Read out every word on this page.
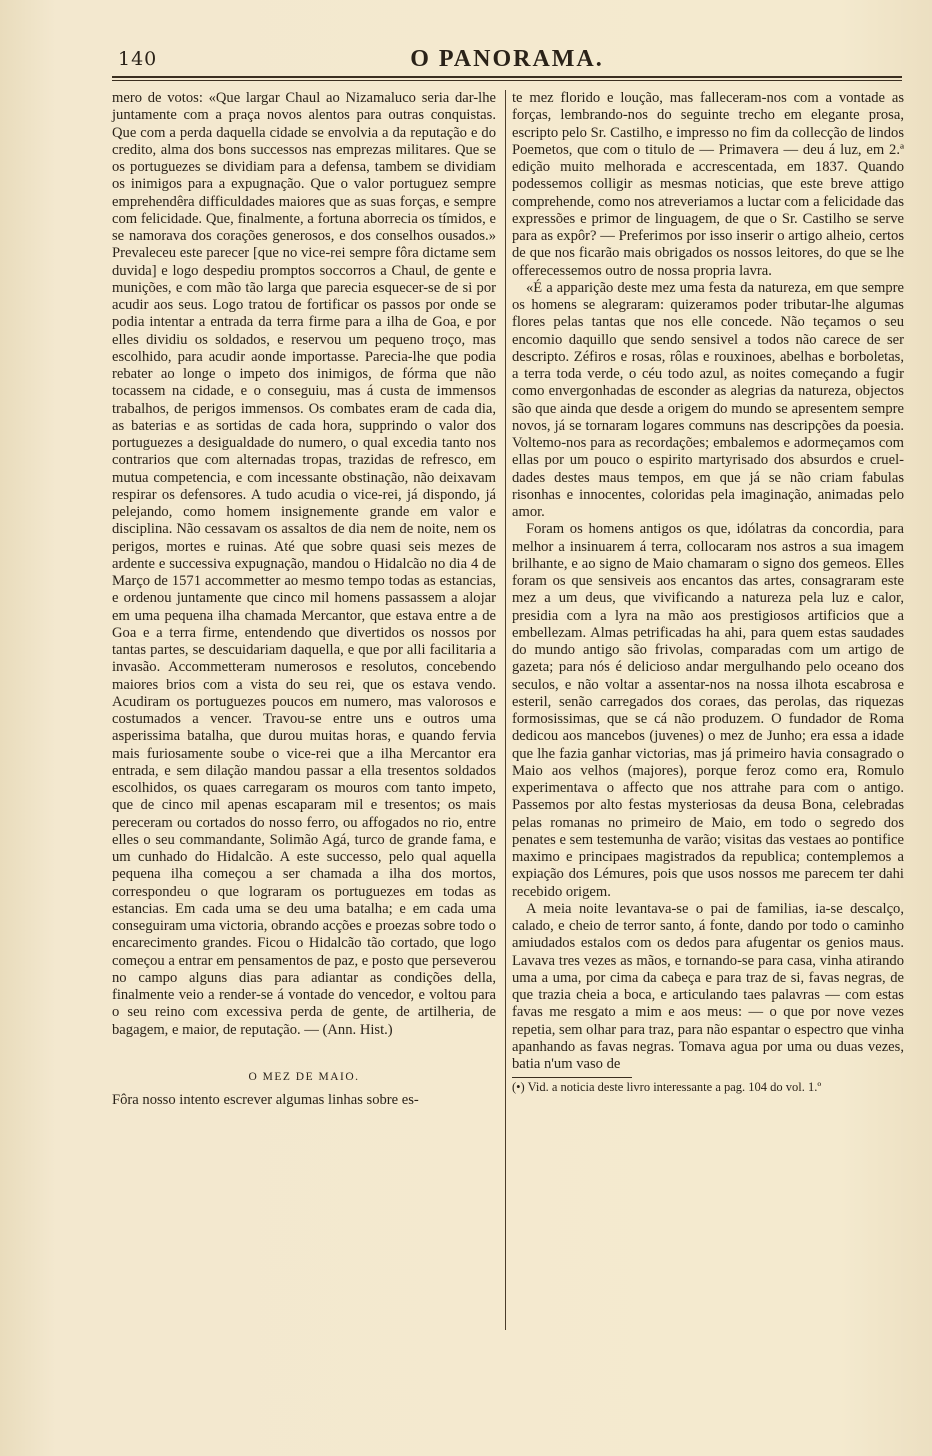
140	O PANORAMA.

mero de votos: «Que largar Chaul ao Nizamaluco seria dar-lhe juntamente com a praça novos alentos para outras conquistas. Que com a perda daquella cidade se envolvia a da reputação e do credito, alma dos bons successos nas emprezas militares. Que se os portuguezes se dividiam para a defensa, tambem se dividiam os inimigos para a expugnação. Que o valor portuguez sempre emprehendêra difficuldades maiores que as suas forças, e sempre com felicidade. Que, finalmente, a fortuna aborrecia os tímidos, e se namorava dos corações generosos, e dos conselhos ousados.» Prevaleceu este parecer [que no vice-rei sempre fôra dictame sem duvida] e logo despediu promptos soccorros a Chaul, de gente e munições, e com mão tão larga que parecia esquecer-se de si por acudir aos seus. Logo tratou de fortificar os passos por onde se podia intentar a entrada da terra firme para a ilha de Goa, e por elles dividiu os soldados, e reservou um pequeno troço, mas escolhido, para acudir aonde importasse. Parecia-lhe que podia rebater ao longe o impeto dos inimigos, de fórma que não tocassem na cidade, e o conseguiu, mas á custa de immensos trabalhos, de perigos immensos. Os combates eram de cada dia, as baterias e as sortidas de cada hora, supprindo o valor dos portuguezes a desigualdade do numero, o qual excedia tanto nos contrarios que com alternadas tropas, trazidas de refresco, em mutua competencia, e com incessante obstinação, não deixavam respirar os defensores. A tudo acudia o vice-rei, já dispondo, já pelejando, como homem insignemente grande em valor e disciplina. Não cessavam os assaltos de dia nem de noite, nem os perigos, mortes e ruinas. Até que sobre quasi seis mezes de ardente e successiva expugnação, mandou o Hidalcão no dia 4 de Março de 1571 accommetter ao mesmo tempo todas as estancias, e ordenou juntamente que cinco mil homens passassem a alojar em uma pequena ilha chamada Mercantor, que estava entre a de Goa e a terra firme, entendendo que divertidos os nossos por tantas partes, se descuidariam daquella, e que por alli facilitaria a invasão. Accommetteram numerosos e resolutos, concebendo maiores brios com a vista do seu rei, que os estava vendo. Acudiram os portuguezes poucos em numero, mas valorosos e costumados a vencer. Travou-se entre uns e outros uma asperissima batalha, que durou muitas horas, e quando fervia mais furiosamente soube o vice-rei que a ilha Mercantor era entrada, e sem dilação mandou passar a ella tresentos soldados escolhidos, os quaes carregaram os mouros com tanto impeto, que de cinco mil apenas escaparam mil e tresentos; os mais pereceram ou cortados do nosso ferro, ou affogados no rio, entre elles o seu commandante, Solimão Agá, turco de grande fama, e um cunhado do Hidalcão. A este successo, pelo qual aquella pequena ilha começou a ser chamada a ilha dos mortos, correspondeu o que lograram os portuguezes em todas as estancias. Em cada uma se deu uma batalha; e em cada uma conseguiram uma victoria, obrando acções e proezas sobre todo o encarecimento grandes. Ficou o Hidalcão tão cortado, que logo começou a entrar em pensamentos de paz, e posto que perseverou no campo alguns dias para adiantar as condições della, finalmente veio a render-se á vontade do vencedor, e voltou para o seu reino com excessiva perda de gente, de artilheria, de bagagem, e maior, de reputação. — (Ann. Hist.)

O MEZ DE MAIO.

Fôra nosso intento escrever algumas linhas sobre es-

te mez florido e loução, mas falleceram-nos com a vontade as forças, lembrando-nos do seguinte trecho em elegante prosa, escripto pelo Sr. Castilho, e impresso no fim da collecção de lindos Poemetos, que com o titulo de — Primavera — deu á luz, em 2.ª edição muito melhorada e accrescentada, em 1837. Quando podessemos colligir as mesmas noticias, que este breve attigo comprehende, como nos atreveriamos a luctar com a felicidade das expressões e primor de linguagem, de que o Sr. Castilho se serve para as expôr? — Preferimos por isso inserir o artigo alheio, certos de que nos ficarão mais obrigados os nossos leitores, do que se lhe offerecessemos outro de nossa propria lavra.

«É a apparição deste mez uma festa da natureza, em que sempre os homens se alegraram: quizeramos poder tributar-lhe algumas flores pelas tantas que nos elle concede. Não teçamos o seu encomio daquillo que sendo sensivel a todos não carece de ser descripto. Zéfiros e rosas, rôlas e rouxinoes, abelhas e borboletas, a terra toda verde, o céu todo azul, as noites começando a fugir como envergonhadas de esconder as alegrias da natureza, objectos são que ainda que desde a origem do mundo se apresentem sempre novos, já se tornaram logares communs nas descripções da poesia. Voltemo-nos para as recordações; embalemos e adormeçamos com ellas por um pouco o espirito martyrisado dos absurdos e cruel-dades destes maus tempos, em que já se não criam fabulas risonhas e innocentes, coloridas pela imaginação, animadas pelo amor.

Foram os homens antigos os que, idólatras da concordia, para melhor a insinuarem á terra, collocaram nos astros a sua imagem brilhante, e ao signo de Maio chamaram o signo dos gemeos. Elles foram os que sensiveis aos encantos das artes, consagraram este mez a um deus, que vivificando a natureza pela luz e calor, presidia com a lyra na mão aos prestigiosos artificios que a embellezam. Almas petrificadas ha ahi, para quem estas saudades do mundo antigo são frivolas, comparadas com um artigo de gazeta; para nós é delicioso andar mergulhando pelo oceano dos seculos, e não voltar a assentar-nos na nossa ilhota escabrosa e esteril, senão carregados dos coraes, das perolas, das riquezas formosissimas, que se cá não produzem. O fundador de Roma dedicou aos mancebos (juvenes) o mez de Junho; era essa a idade que lhe fazia ganhar victorias, mas já primeiro havia consagrado o Maio aos velhos (majores), porque feroz como era, Romulo experimentava o affecto que nos attrahe para com o antigo. Passemos por alto festas mysteriosas da deusa Bona, celebradas pelas romanas no primeiro de Maio, em todo o segredo dos penates e sem testemunha de varão; visitas das vestaes ao pontifice maximo e principaes magistrados da republica; contemplemos a expiação dos Lémures, pois que usos nossos me parecem ter dahi recebido origem.

A meia noite levantava-se o pai de familias, ia-se descalço, calado, e cheio de terror santo, á fonte, dando por todo o caminho amiudados estalos com os dedos para afugentar os genios maus. Lavava tres vezes as mãos, e tornando-se para casa, vinha atirando uma a uma, por cima da cabeça e para traz de si, favas negras, de que trazia cheia a boca, e articulando taes palavras — com estas favas me resgato a mim e aos meus: — o que por nove vezes repetia, sem olhar para traz, para não espantar o espectro que vinha apanhando as favas negras. Tomava agua por uma ou duas vezes, batia n'um vaso de

(•) Vid. a noticia deste livro interessante a pag. 104 do vol. 1.º
